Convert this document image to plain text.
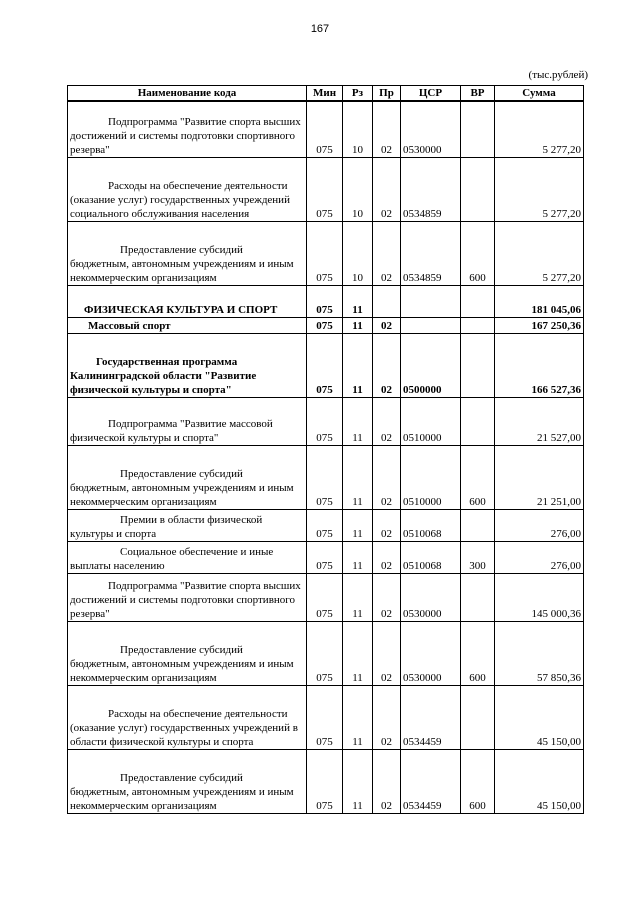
167
(тыс.рублей)
Наименование кода	Мин	Рз	Пр	ЦСР	ВР	Сумма

Подпрограмма "Развитие спорта высших достижений и системы подготовки спортивного резерва"	075	10	02	0530000		5 277,20

Расходы на обеспечение деятельности (оказание услуг) государственных учреждений социального обслуживания населения	075	10	02	0534859		5 277,20

Предоставление субсидий бюджетным, автономным учреждениям и иным некоммерческим организациям	075	10	02	0534859	600	5 277,20

ФИЗИЧЕСКАЯ КУЛЬТУРА И СПОРТ	075	11				181 045,06

Массовый спорт	075	11	02			167 250,36

Государственная программа Калининградской области "Развитие физической культуры и спорта"	075	11	02	0500000		166 527,36

Подпрограмма "Развитие массовой физической культуры и спорта"	075	11	02	0510000		21 527,00

Предоставление субсидий бюджетным, автономным учреждениям и иным некоммерческим организациям	075	11	02	0510000	600	21 251,00

Премии в области физической культуры и спорта	075	11	02	0510068		276,00

Социальное обеспечение и иные выплаты населению	075	11	02	0510068	300	276,00

Подпрограмма "Развитие спорта высших достижений и системы подготовки спортивного резерва"	075	11	02	0530000		145 000,36

Предоставление субсидий бюджетным, автономным учреждениям и иным некоммерческим организациям	075	11	02	0530000	600	57 850,36

Расходы на обеспечение деятельности (оказание услуг) государственных учреждений в области физической культуры и спорта	075	11	02	0534459		45 150,00

Предоставление субсидий бюджетным, автономным учреждениям и иным некоммерческим организациям	075	11	02	0534459	600	45 150,00
